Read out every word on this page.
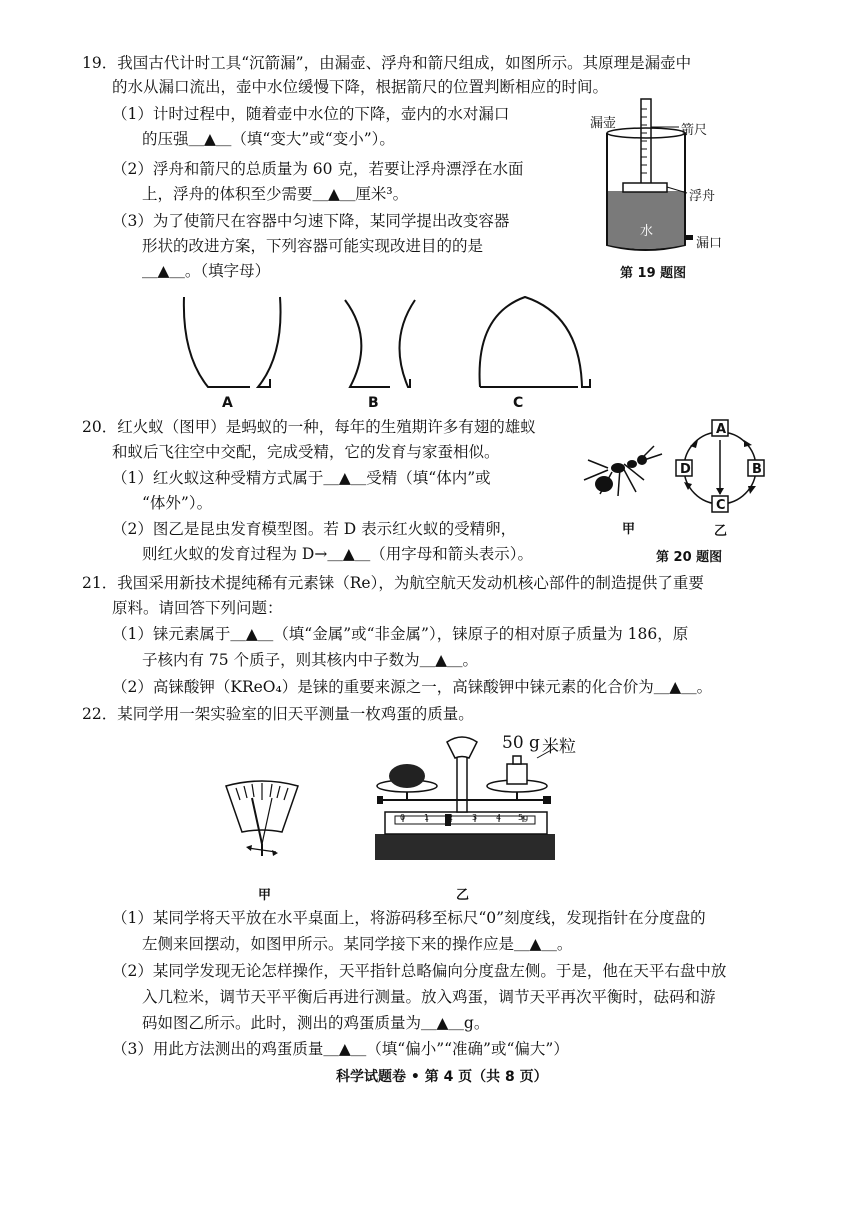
19．我国古代计时工具“沉箭漏”，由漏壶、浮舟和箭尺组成，如图所示。其原理是漏壶中
的水从漏口流出，壶中水位缓慢下降，根据箭尺的位置判断相应的时间。
（1）计时过程中，随着壶中水位的下降，壶内的水对漏口
的压强＿▲＿（填“变大”或“变小”）。
（2）浮舟和箭尺的总质量为 60 克，若要让浮舟漂浮在水面
上，浮舟的体积至少需要＿▲＿厘米³。
（3）为了使箭尺在容器中匀速下降，某同学提出改变容器
形状的改进方案，下列容器可能实现改进目的的是
＿▲＿。（填字母）
漏壶	箭尺
浮舟
水
漏口
第 19 题图
A	B	C
20．红火蚁（图甲）是蚂蚁的一种，每年的生殖期许多有翅的雄蚁
和蚁后飞往空中交配，完成受精，它的发育与家蚕相似。
（1）红火蚁这种受精方式属于＿▲＿受精（填“体内”或
“体外”）。
（2）图乙是昆虫发育模型图。若 D 表示红火蚁的受精卵，
则红火蚁的发育过程为 D→＿▲＿（用字母和箭头表示）。
甲
A
B
C
D
乙
第 20 题图
21．我国采用新技术提纯稀有元素铼（Re），为航空航天发动机核心部件的制造提供了重要
原料。请回答下列问题：
（1）铼元素属于＿▲＿（填“金属”或“非金属”），铼原子的相对原子质量为 186，原
子核内有 75 个质子，则其核内中子数为＿▲＿。
（2）高铼酸钾（KReO₄）是铼的重要来源之一，高铼酸钾中铼元素的化合价为＿▲＿。
22．某同学用一架实验室的旧天平测量一枚鸡蛋的质量。
甲
50 g 米粒
0 1 2 3 4 5g
乙
（1）某同学将天平放在水平桌面上，将游码移至标尺“0”刻度线，发现指针在分度盘的
左侧来回摆动，如图甲所示。某同学接下来的操作应是＿▲＿。
（2）某同学发现无论怎样操作，天平指针总略偏向分度盘左侧。于是，他在天平右盘中放
入几粒米，调节天平平衡后再进行测量。放入鸡蛋，调节天平再次平衡时，砝码和游
码如图乙所示。此时，测出的鸡蛋质量为＿▲＿g。
（3）用此方法测出的鸡蛋质量＿▲＿（填“偏小”“准确”或“偏大”）
科学试题卷 • 第 4 页（共 8 页）
